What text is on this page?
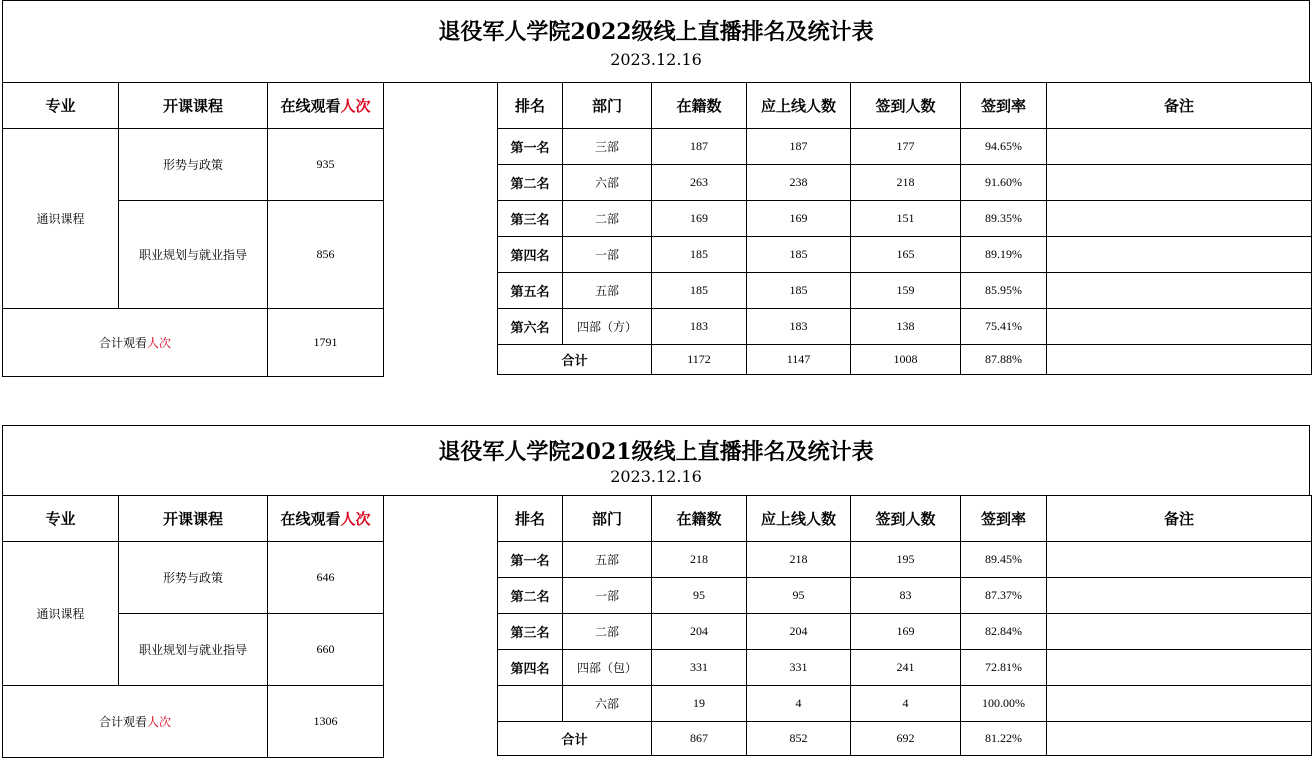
退役军人学院2022级线上直播排名及统计表
2023.12.16
专业	开课课程	在线观看人次
通识课程	形势与政策	935
	职业规划与就业指导	856
合计观看人次		1791
排名	部门	在籍数	应上线人数	签到人数	签到率	备注
第一名	三部	187	187	177	94.65%	
第二名	六部	263	238	218	91.60%	
第三名	二部	169	169	151	89.35%	
第四名	一部	185	185	165	89.19%	
第五名	五部	185	185	159	85.95%	
第六名	四部（方）	183	183	138	75.41%	
合计		1172	1147	1008	87.88%	
退役军人学院2021级线上直播排名及统计表
2023.12.16
专业	开课课程	在线观看人次
通识课程	形势与政策	646
	职业规划与就业指导	660
合计观看人次		1306
排名	部门	在籍数	应上线人数	签到人数	签到率	备注
第一名	五部	218	218	195	89.45%	
第二名	一部	95	95	83	87.37%	
第三名	二部	204	204	169	82.84%	
第四名	四部（包）	331	331	241	72.81%	
	六部	19	4	4	100.00%	
合计		867	852	692	81.22%	
